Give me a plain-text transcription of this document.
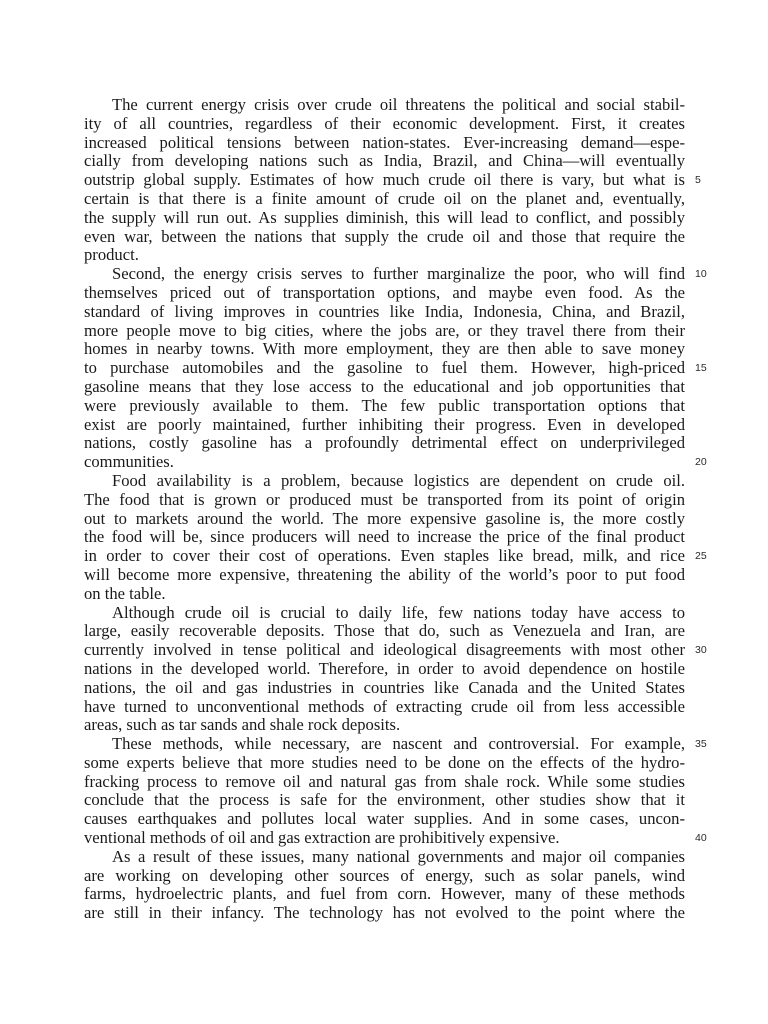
The current energy crisis over crude oil threatens the political and social stabil-
ity of all countries, regardless of their economic development. First, it creates
increased political tensions between nation-states. Ever-increasing demand—espe-
cially from developing nations such as India, Brazil, and China—will eventually
outstrip global supply. Estimates of how much crude oil there is vary, but what is 5
certain is that there is a finite amount of crude oil on the planet and, eventually,
the supply will run out. As supplies diminish, this will lead to conflict, and possibly
even war, between the nations that supply the crude oil and those that require the
product.
Second, the energy crisis serves to further marginalize the poor, who will find 10
themselves priced out of transportation options, and maybe even food. As the
standard of living improves in countries like India, Indonesia, China, and Brazil,
more people move to big cities, where the jobs are, or they travel there from their
homes in nearby towns. With more employment, they are then able to save money
to purchase automobiles and the gasoline to fuel them. However, high-priced 15
gasoline means that they lose access to the educational and job opportunities that
were previously available to them. The few public transportation options that
exist are poorly maintained, further inhibiting their progress. Even in developed
nations, costly gasoline has a profoundly detrimental effect on underprivileged
communities.	20
Food availability is a problem, because logistics are dependent on crude oil.
The food that is grown or produced must be transported from its point of origin
out to markets around the world. The more expensive gasoline is, the more costly
the food will be, since producers will need to increase the price of the final product
in order to cover their cost of operations. Even staples like bread, milk, and rice 25
will become more expensive, threatening the ability of the world’s poor to put food
on the table.
Although crude oil is crucial to daily life, few nations today have access to
large, easily recoverable deposits. Those that do, such as Venezuela and Iran, are
currently involved in tense political and ideological disagreements with most other 30
nations in the developed world. Therefore, in order to avoid dependence on hostile
nations, the oil and gas industries in countries like Canada and the United States
have turned to unconventional methods of extracting crude oil from less accessible
areas, such as tar sands and shale rock deposits.
These methods, while necessary, are nascent and controversial. For example, 35
some experts believe that more studies need to be done on the effects of the hydro-
fracking process to remove oil and natural gas from shale rock. While some studies
conclude that the process is safe for the environment, other studies show that it
causes earthquakes and pollutes local water supplies. And in some cases, uncon-
ventional methods of oil and gas extraction are prohibitively expensive.	40
As a result of these issues, many national governments and major oil companies
are working on developing other sources of energy, such as solar panels, wind
farms, hydroelectric plants, and fuel from corn. However, many of these methods
are still in their infancy. The technology has not evolved to the point where the
